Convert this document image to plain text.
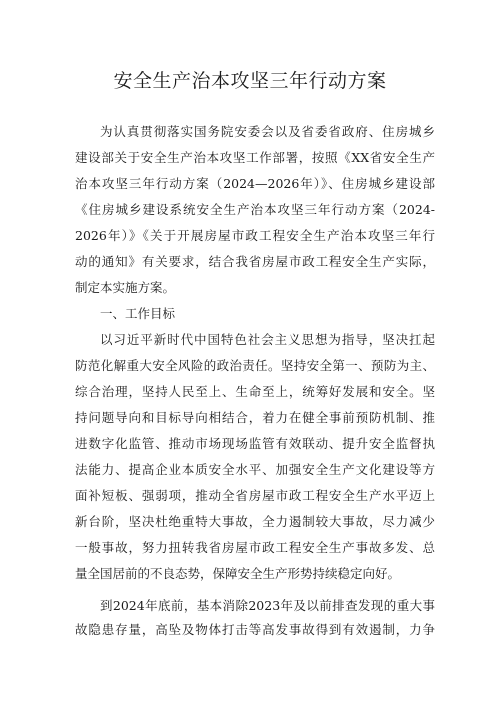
安全生产治本攻坚三年行动方案
为认真贯彻落实国务院安委会以及省委省政府、住房城乡
建设部关于安全生产治本攻坚工作部署，按照《XX省安全生产
治本攻坚三年行动方案（2024—2026年）》、住房城乡建设部
《住房城乡建设系统安全生产治本攻坚三年行动方案（2024-
2026年）》《关于开展房屋市政工程安全生产治本攻坚三年行
动的通知》有关要求，结合我省房屋市政工程安全生产实际，
制定本实施方案。
一、工作目标
以习近平新时代中国特色社会主义思想为指导，坚决扛起
防范化解重大安全风险的政治责任。坚持安全第一、预防为主、
综合治理，坚持人民至上、生命至上，统筹好发展和安全。坚
持问题导向和目标导向相结合，着力在健全事前预防机制、推
进数字化监管、推动市场现场监管有效联动、提升安全监督执
法能力、提高企业本质安全水平、加强安全生产文化建设等方
面补短板、强弱项，推动全省房屋市政工程安全生产水平迈上
新台阶，坚决杜绝重特大事故，全力遏制较大事故，尽力减少
一般事故，努力扭转我省房屋市政工程安全生产事故多发、总
量全国居前的不良态势，保障安全生产形势持续稳定向好。
到2024年底前，基本消除2023年及以前排查发现的重大事
故隐患存量，高坠及物体打击等高发事故得到有效遏制，力争
